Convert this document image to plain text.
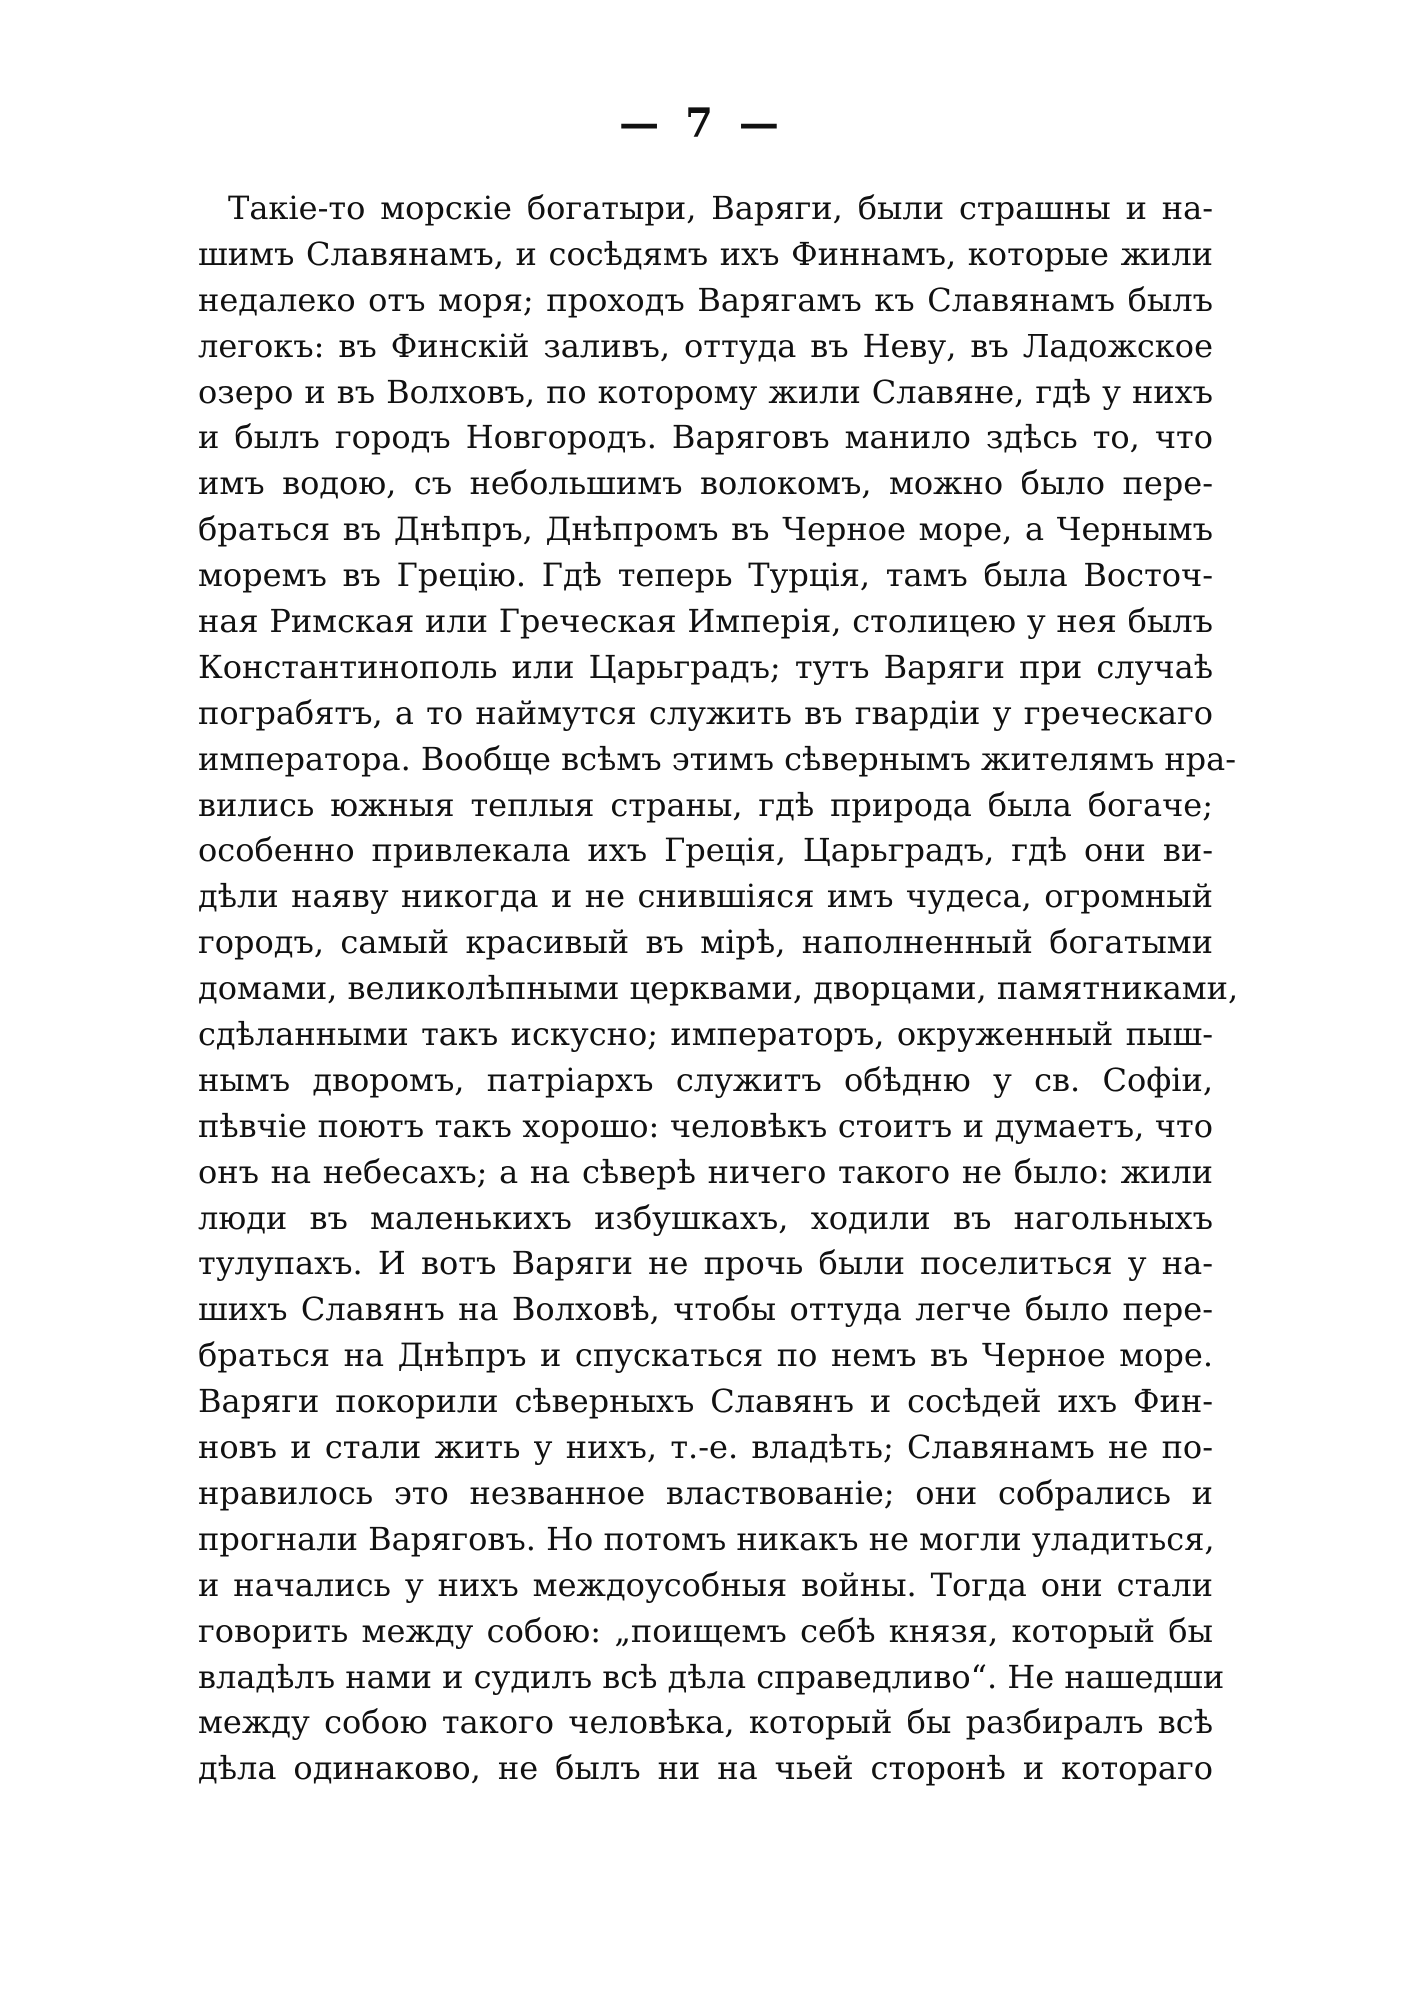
— 7 —
Такіе-то морскіе богатыри, Варяги, были страшны и на-
шимъ Славянамъ, и сосѣдямъ ихъ Финнамъ, которые жили
недалеко отъ моря; проходъ Варягамъ къ Славянамъ былъ
легокъ: въ Финскій заливъ, оттуда въ Неву, въ Ладожское
озеро и въ Волховъ, по которому жили Славяне, гдѣ у нихъ
и былъ городъ Новгородъ. Варяговъ манило здѣсь то, что
имъ водою, съ небольшимъ волокомъ, можно было пере-
браться въ Днѣпръ, Днѣпромъ въ Черное море, а Чернымъ
моремъ въ Грецію. Гдѣ теперь Турція, тамъ была Восточ-
ная Римская или Греческая Имперія, столицею у нея былъ
Константинополь или Царьградъ; тутъ Варяги при случаѣ
пограбятъ, а то наймутся служить въ гвардіи у греческаго
императора. Вообще всѣмъ этимъ сѣвернымъ жителямъ нра-
вились южныя теплыя страны, гдѣ природа была богаче;
особенно привлекала ихъ Греція, Царьградъ, гдѣ они ви-
дѣли наяву никогда и не снившіяся имъ чудеса, огромный
городъ, самый красивый въ мірѣ, наполненный богатыми
домами, великолѣпными церквами, дворцами, памятниками,
сдѣланными такъ искусно; императоръ, окруженный пыш-
нымъ дворомъ, патріархъ служитъ обѣдню у св. Софіи,
пѣвчіе поютъ такъ хорошо: человѣкъ стоитъ и думаетъ, что
онъ на небесахъ; а на сѣверѣ ничего такого не было: жили
люди въ маленькихъ избушкахъ, ходили въ нагольныхъ
тулупахъ. И вотъ Варяги не прочь были поселиться у на-
шихъ Славянъ на Волховѣ, чтобы оттуда легче было пере-
браться на Днѣпръ и спускаться по немъ въ Черное море.
Варяги покорили сѣверныхъ Славянъ и сосѣдей ихъ Фин-
новъ и стали жить у нихъ, т.-е. владѣть; Славянамъ не по-
нравилось это незванное властвованіе; они собрались и
прогнали Варяговъ. Но потомъ никакъ не могли уладиться,
и начались у нихъ междоусобныя войны. Тогда они стали
говорить между собою: „поищемъ себѣ князя, который бы
владѣлъ нами и судилъ всѣ дѣла справедливо“. Не нашедши
между собою такого человѣка, который бы разбиралъ всѣ
дѣла одинаково, не былъ ни на чьей сторонѣ и котораго
